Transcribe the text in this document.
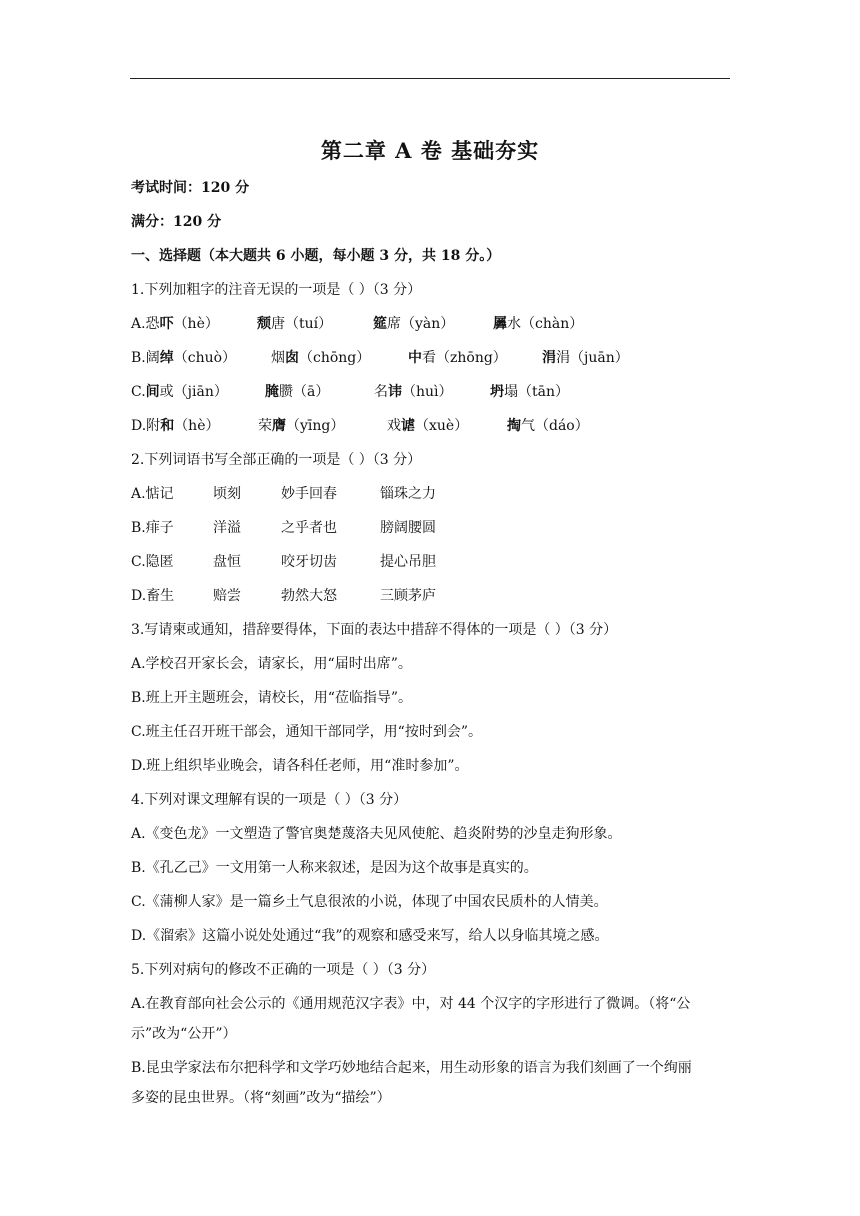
第二章 A 卷 基础夯实
考试时间：120 分
满分：120 分
一、选择题（本大题共 6 小题，每小题 3 分，共 18 分。）
1.下列加粗字的注音无误的一项是（ ）（3 分）
A.恐吓（hè）	颓唐（tuí）	筵席（yàn）	羼水（chàn）
B.阔绰（chuò） 烟囱（chōng）	中看（zhōng）	涓涓（juān）
C.间或（jiān）	腌臜（ā）	名讳（huì）	坍塌（tān）
D.附和（hè）	荣膺（yīng）	戏谑（xuè）	掏气（dáo）
2.下列词语书写全部正确的一项是（ ）（3 分）
A.惦记	顷刻	妙手回春	锱珠之力
B.痱子	洋溢	之乎者也	膀阔腰圆
C.隐匿	盘恒	咬牙切齿	提心吊胆
D.畜生	赔尝	勃然大怒	三顾茅庐
3.写请柬或通知，措辞要得体，下面的表达中措辞不得体的一项是（ ）（3 分）
A.学校召开家长会，请家长，用“届时出席”。
B.班上开主题班会，请校长，用“莅临指导”。
C.班主任召开班干部会，通知干部同学，用“按时到会”。
D.班上组织毕业晚会，请各科任老师，用“准时参加”。
4.下列对课文理解有误的一项是（ ）（3 分）
A.《变色龙》一文塑造了警官奥楚蔑洛夫见风使舵、趋炎附势的沙皇走狗形象。
B.《孔乙己》一文用第一人称来叙述，是因为这个故事是真实的。
C.《蒲柳人家》是一篇乡土气息很浓的小说，体现了中国农民质朴的人情美。
D.《溜索》这篇小说处处通过“我”的观察和感受来写，给人以身临其境之感。
5.下列对病句的修改不正确的一项是（ ）（3 分）
A.在教育部向社会公示的《通用规范汉字表》中，对 44 个汉字的字形进行了微调。（将“公
示”改为“公开”）
B.昆虫学家法布尔把科学和文学巧妙地结合起来，用生动形象的语言为我们刻画了一个绚丽
多姿的昆虫世界。（将“刻画”改为“描绘”）
